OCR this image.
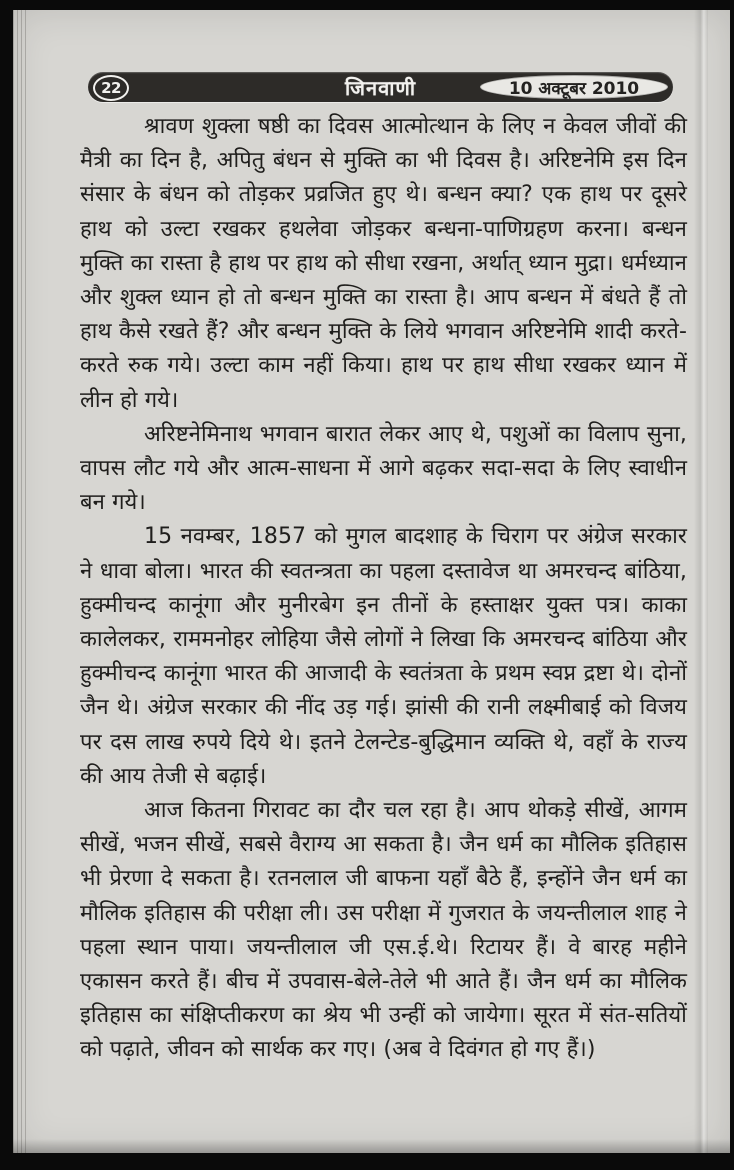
22	जिनवाणी	10 अक्टूबर 2010

श्रावण शुक्ला षष्ठी का दिवस आत्मोत्थान के लिए न केवल जीवों की मैत्री का दिन है, अपितु बंधन से मुक्ति का भी दिवस है। अरिष्टनेमि इस दिन संसार के बंधन को तोड़कर प्रव्रजित हुए थे। बन्धन क्या? एक हाथ पर दूसरे हाथ को उल्टा रखकर हथलेवा जोड़कर बन्धना-पाणिग्रहण करना। बन्धन मुक्ति का रास्ता है हाथ पर हाथ को सीधा रखना, अर्थात् ध्यान मुद्रा। धर्मध्यान और शुक्ल ध्यान हो तो बन्धन मुक्ति का रास्ता है। आप बन्धन में बंधते हैं तो हाथ कैसे रखते हैं? और बन्धन मुक्ति के लिये भगवान अरिष्टनेमि शादी करते-करते रुक गये। उल्टा काम नहीं किया। हाथ पर हाथ सीधा रखकर ध्यान में लीन हो गये।

अरिष्टनेमिनाथ भगवान बारात लेकर आए थे, पशुओं का विलाप सुना, वापस लौट गये और आत्म-साधना में आगे बढ़कर सदा-सदा के लिए स्वाधीन बन गये।

15 नवम्बर, 1857 को मुगल बादशाह के चिराग पर अंग्रेज सरकार ने धावा बोला। भारत की स्वतन्त्रता का पहला दस्तावेज था अमरचन्द बांठिया, हुक्मीचन्द कानूंगा और मुनीरबेग इन तीनों के हस्ताक्षर युक्त पत्र। काका कालेलकर, राममनोहर लोहिया जैसे लोगों ने लिखा कि अमरचन्द बांठिया और हुक्मीचन्द कानूंगा भारत की आजादी के स्वतंत्रता के प्रथम स्वप्न द्रष्टा थे। दोनों जैन थे। अंग्रेज सरकार की नींद उड़ गई। झांसी की रानी लक्ष्मीबाई को विजय पर दस लाख रुपये दिये थे। इतने टेलन्टेड-बुद्धिमान व्यक्ति थे, वहाँ के राज्य की आय तेजी से बढ़ाई।

आज कितना गिरावट का दौर चल रहा है। आप थोकड़े सीखें, आगम सीखें, भजन सीखें, सबसे वैराग्य आ सकता है। जैन धर्म का मौलिक इतिहास भी प्रेरणा दे सकता है। रतनलाल जी बाफना यहाँ बैठे हैं, इन्होंने जैन धर्म का मौलिक इतिहास की परीक्षा ली। उस परीक्षा में गुजरात के जयन्तीलाल शाह ने पहला स्थान पाया। जयन्तीलाल जी एस.ई.थे। रिटायर हैं। वे बारह महीने एकासन करते हैं। बीच में उपवास-बेले-तेले भी आते हैं। जैन धर्म का मौलिक इतिहास का संक्षिप्तीकरण का श्रेय भी उन्हीं को जायेगा। सूरत में संत-सतियों को पढ़ाते, जीवन को सार्थक कर गए। (अब वे दिवंगत हो गए हैं।)
